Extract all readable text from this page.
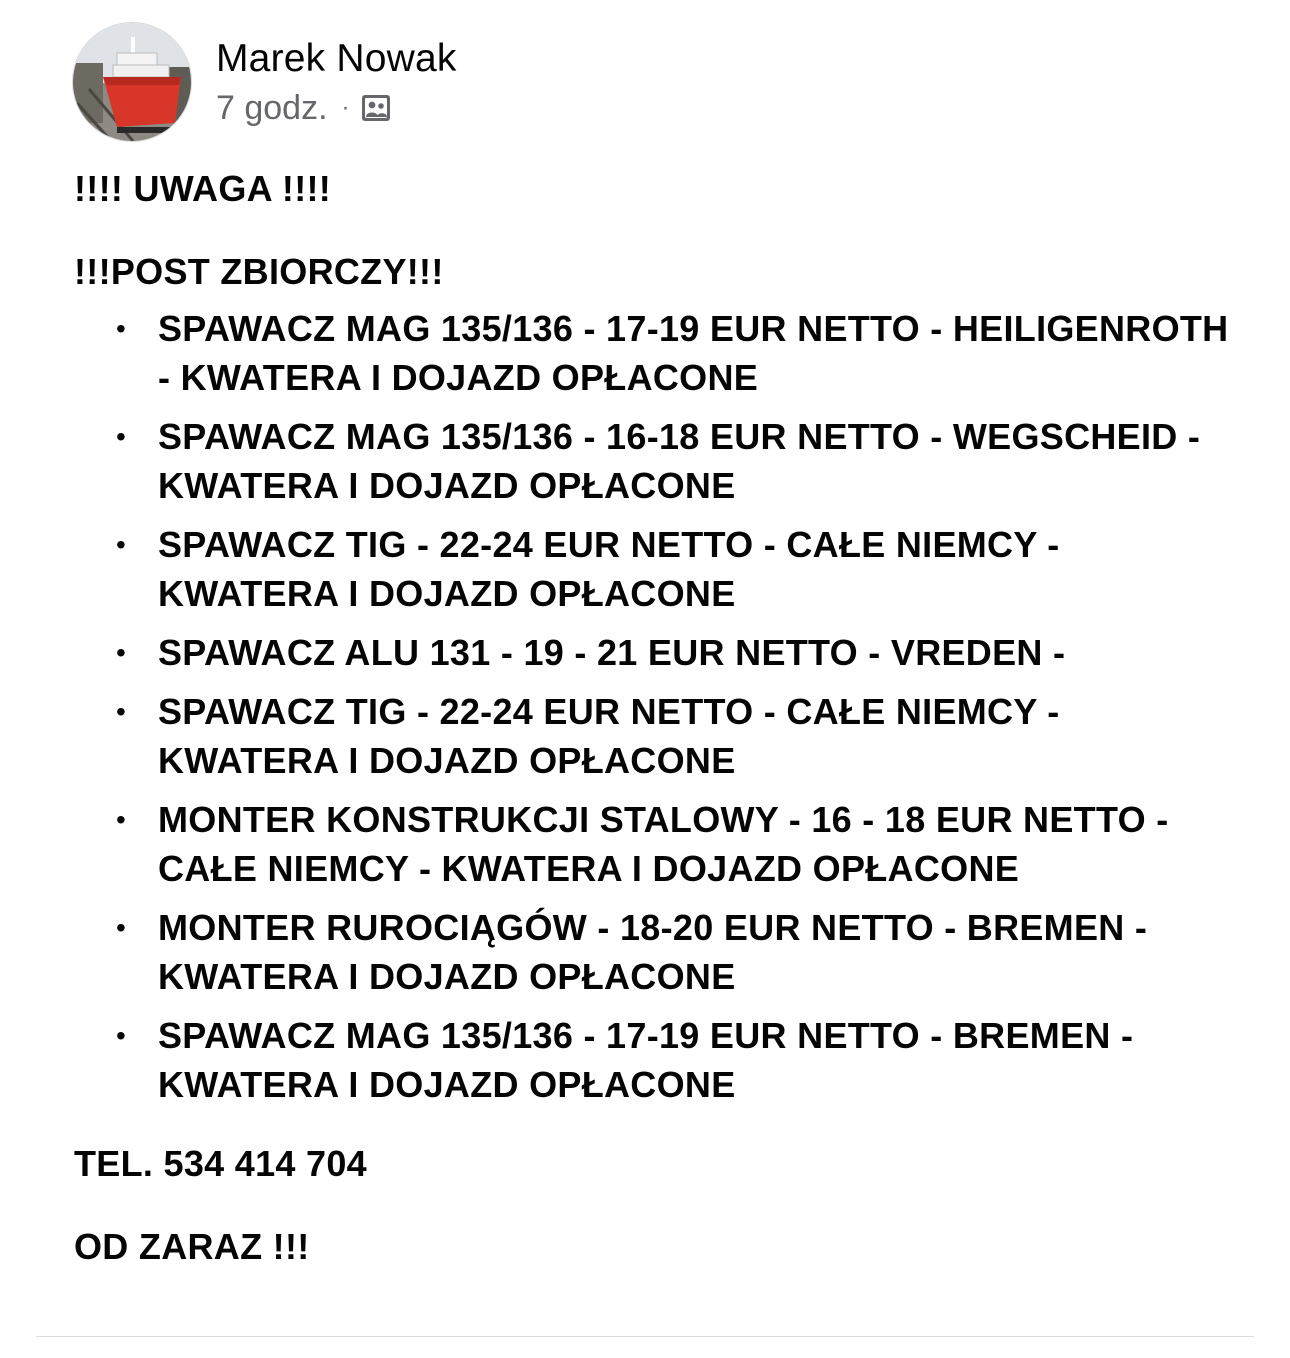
Marek Nowak
7 godz. ·

!!!! UWAGA !!!!

!!!POST ZBIORCZY!!!

• SPAWACZ MAG 135/136 - 17-19 EUR NETTO - HEILIGENROTH - KWATERA I DOJAZD OPŁACONE
• SPAWACZ MAG 135/136 - 16-18 EUR NETTO - WEGSCHEID - KWATERA I DOJAZD OPŁACONE
• SPAWACZ TIG - 22-24 EUR NETTO - CAŁE NIEMCY - KWATERA I DOJAZD OPŁACONE
• SPAWACZ ALU 131 - 19 - 21 EUR NETTO - VREDEN -
• SPAWACZ TIG - 22-24 EUR NETTO - CAŁE NIEMCY - KWATERA I DOJAZD OPŁACONE
• MONTER KONSTRUKCJI STALOWY - 16 - 18 EUR NETTO - CAŁE NIEMCY - KWATERA I DOJAZD OPŁACONE
• MONTER RUROCIĄGÓW - 18-20 EUR NETTO - BREMEN - KWATERA I DOJAZD OPŁACONE
• SPAWACZ MAG 135/136 - 17-19 EUR NETTO - BREMEN - KWATERA I DOJAZD OPŁACONE

TEL. 534 414 704

OD ZARAZ !!!
